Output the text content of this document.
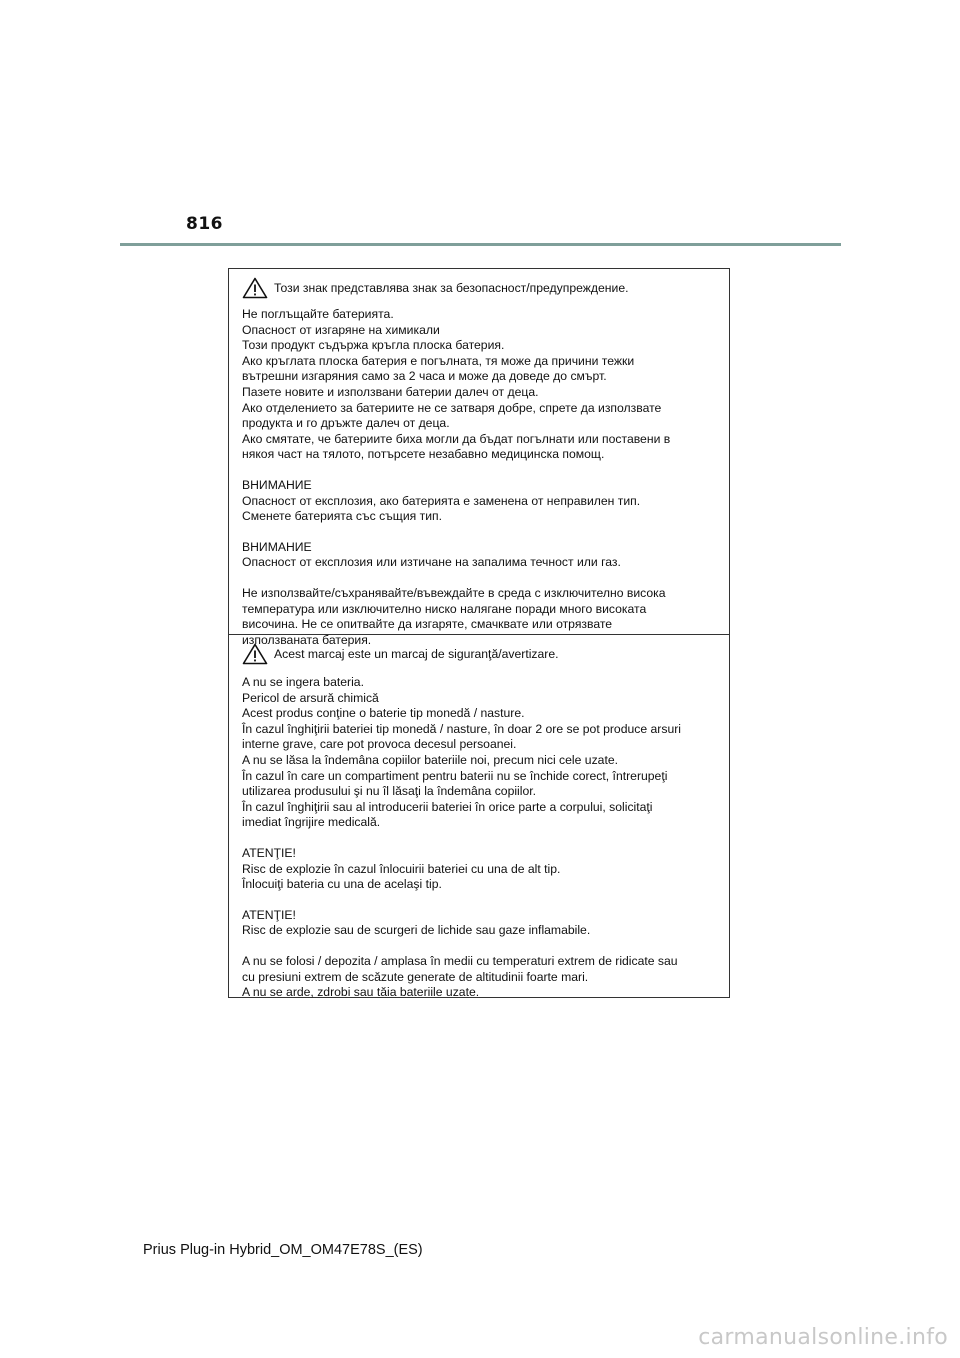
816
Този знак представлява знак за безопасност/предупреждение.
Не поглъщайте батерията.
Опасност от изгаряне на химикали
Този продукт съдържа кръгла плоска батерия.
Ако кръглата плоска батерия е погълната, тя може да причини тежки
вътрешни изгаряния само за 2 часа и може да доведе до смърт.
Пазете новите и използвани батерии далеч от деца.
Ако отделението за батериите не се затваря добре, спрете да използвате
продукта и го дръжте далеч от деца.
Ако смятате, че батериите биха могли да бъдат погълнати или поставени в
някоя част на тялото, потърсете незабавно медицинска помощ.
ВНИМАНИЕ
Опасност от експлозия, ако батерията е заменена от неправилен тип.
Сменете батерията със същия тип.
ВНИМАНИЕ
Опасност от експлозия или изтичане на запалима течност или газ.
Не използвайте/съхранявайте/въвеждайте в среда с изключително висока
температура или изключително ниско налягане поради много високата
височина. Не се опитвайте да изгаряте, смачквате или отрязвате
използваната батерия.
Acest marcaj este un marcaj de siguranţă/avertizare.
A nu se ingera bateria.
Pericol de arsură chimică
Acest produs conţine o baterie tip monedă / nasture.
În cazul înghiţirii bateriei tip monedă / nasture, în doar 2 ore se pot produce arsuri
interne grave, care pot provoca decesul persoanei.
A nu se lăsa la îndemâna copiilor bateriile noi, precum nici cele uzate.
În cazul în care un compartiment pentru baterii nu se închide corect, întrerupeţi
utilizarea produsului şi nu îl lăsaţi la îndemâna copiilor.
În cazul înghiţirii sau al introducerii bateriei în orice parte a corpului, solicitaţi
imediat îngrijire medicală.
ATENŢIE!
Risc de explozie în cazul înlocuirii bateriei cu una de alt tip.
Înlocuiţi bateria cu una de acelaşi tip.
ATENŢIE!
Risc de explozie sau de scurgeri de lichide sau gaze inflamabile.
A nu se folosi / depozita / amplasa în medii cu temperaturi extrem de ridicate sau
cu presiuni extrem de scăzute generate de altitudinii foarte mari.
A nu se arde, zdrobi sau tăia bateriile uzate.
Prius Plug-in Hybrid_OM_OM47E78S_(ES)
carmanualsonline.info
